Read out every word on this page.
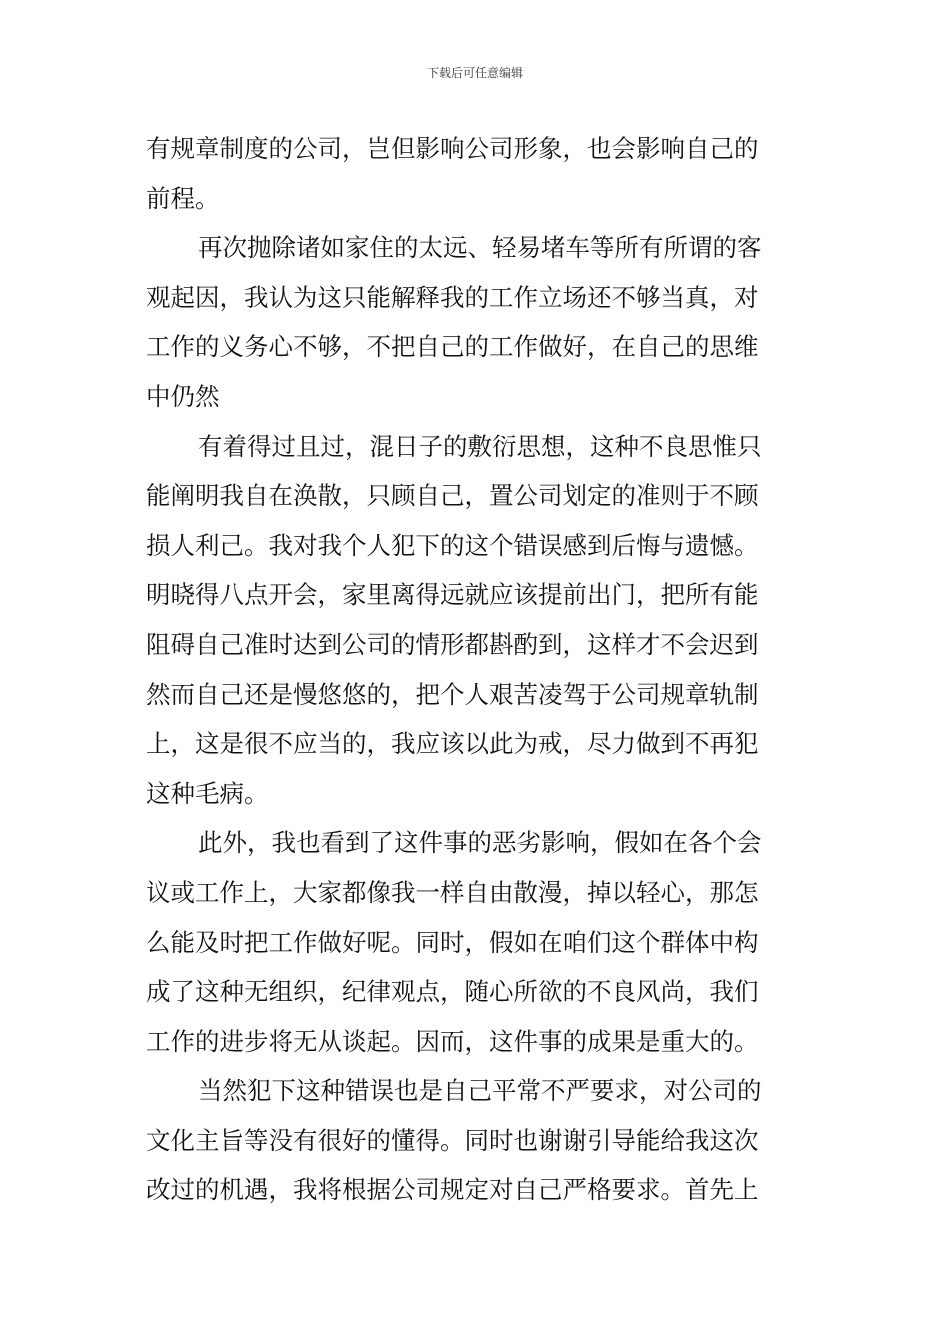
下载后可任意编辑
有规章制度的公司，岂但影响公司形象，也会影响自己的
前程。
再次抛除诸如家住的太远、轻易堵车等所有所谓的客
观起因，我认为这只能解释我的工作立场还不够当真，对
工作的义务心不够，不把自己的工作做好，在自己的思维
中仍然
有着得过且过，混日子的敷衍思想，这种不良思惟只
能阐明我自在涣散，只顾自己，置公司划定的准则于不顾
损人利己。我对我个人犯下的这个错误感到后悔与遗憾。
明晓得八点开会，家里离得远就应该提前出门，把所有能
阻碍自己准时达到公司的情形都斟酌到，这样才不会迟到
然而自己还是慢悠悠的，把个人艰苦凌驾于公司规章轨制
上，这是很不应当的，我应该以此为戒，尽力做到不再犯
这种毛病。
此外，我也看到了这件事的恶劣影响，假如在各个会
议或工作上，大家都像我一样自由散漫，掉以轻心，那怎
么能及时把工作做好呢。同时，假如在咱们这个群体中构
成了这种无组织，纪律观点，随心所欲的不良风尚，我们
工作的进步将无从谈起。因而，这件事的成果是重大的。
当然犯下这种错误也是自己平常不严要求，对公司的
文化主旨等没有很好的懂得。同时也谢谢引导能给我这次
改过的机遇，我将根据公司规定对自己严格要求。首先上
